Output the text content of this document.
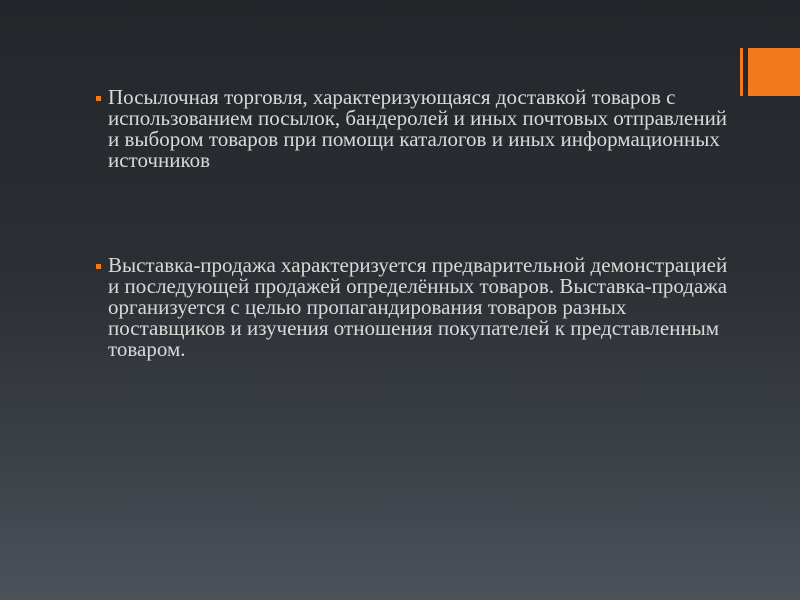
Посылочная торговля, характеризующаяся доставкой товаров с использованием посылок, бандеролей и иных почтовых отправлений и выбором товаров при помощи каталогов и иных информационных источников
Выставка-продажа характеризуется предварительной демонстрацией и последующей продажей определённых товаров. Выставка-продажа организуется с целью пропагандирования товаров разных поставщиков и изучения отношения покупателей к представленным товаром.
